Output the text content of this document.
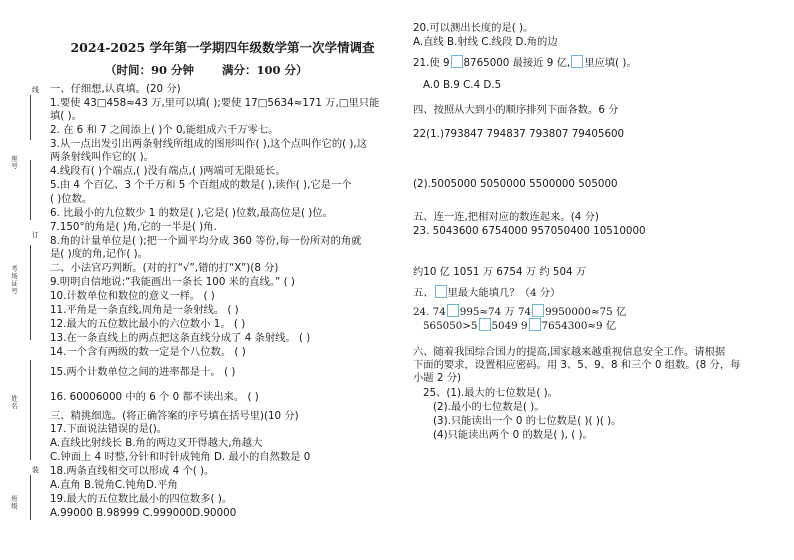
线
订
装
座号
考场证号
姓名
班级
2024-2025 学年第一学期四年级数学第一次学情调查
（时间：90 分钟       满分：100 分）
一、仔细想,认真填。(20 分)
1.要使 43□458≈43 万,里可以填( );要使 17□5634≈171 万,□里只能
填( )。
2. 在 6 和 7 之间添上( )个 0,能组成六千万零七。
3.从一点出发引出两条射线所组成的图形叫作( ),这个点叫作它的( ),这
两条射线叫作它的( )。
4.线段有( )个端点,( )没有端点,( )两端可无限延长。
5.由 4 个百亿、3 个千万和 5 个百组成的数是( ),读作( ),它是一个
( )位数。
6. 比最小的九位数少 1 的数是( ),它是( )位数,最高位是( )位。
7.150°的角是( )角,它的一半是( )角.
8.角的计量单位是( );把一个圆平均分成 360 等份,每一份所对的角就
是( )度的角,记作( )。
二、小法官巧判断。(对的打“√”,错的打“X”)(8 分)
9.明明自信地说:“我能画出一条长 100 米的直线。” ( )
10.计数单位和数位的意义一样。 ( )
11.平角是一条直线,周角是一条射线。 ( )
12.最大的五位数比最小的六位数小 1。 ( )
13.在一条直线上的两点把这条直线分成了 4 条射线。 ( )
14.一个含有两级的数一定是个八位数。 ( )
15.两个计数单位之间的进率都是十。 ( )
16. 60006000 中的 6 个 0 都不读出来。 ( )
三、精挑细选。(将正确答案的序号填在括号里)(10 分)
17.下面说法错误的是()。
A.直线比射线长 B.角的两边叉开得越大,角越大
C.钟面上 4 时整,分针和时针成钝角 D. 最小的自然数是 0
18.两条直线相交可以形成 4 个( )。
A.直角 B.锐角C.钝角D.平角
19.最大的五位数比最小的四位数多( )。
A.99000 B.98999 C.999000D.90000
20.可以测出长度的是( )。
A.直线 B.射线 C.线段 D.角的边
21.使 9 8765000 最接近 9 亿, 里应填( )。
A.0 B.9 C.4 D.5
四、按照从大到小的顺序排列下面各数。6 分
22(1.)793847 794837 793807 79405600
(2).5005000 5050000 5500000 505000
五、连一连,把相对应的数连起来。(4 分)
23. 5043600 6754000 957050400 10510000
约10 亿 1051 万 6754 万 约 504 万
五、 里最大能填几？（4 分）
24. 74 995≈74 万 74 9950000≈75 亿
565050>5 5049 9 7654300≈9 亿
六、随着我国综合国力的提高,国家越来越重视信息安全工作。请根据
下面的要求，设置相应密码。用 3、5、9、8 和三个 0 组数。(8 分，每
小题 2 分)
25、(1).最大的七位数是( )。
(2).最小的七位数是( )。
(3).只能读出一个 0 的七位数是( )( )( )。
(4)只能读出两个 0 的数是( ), ( )。
